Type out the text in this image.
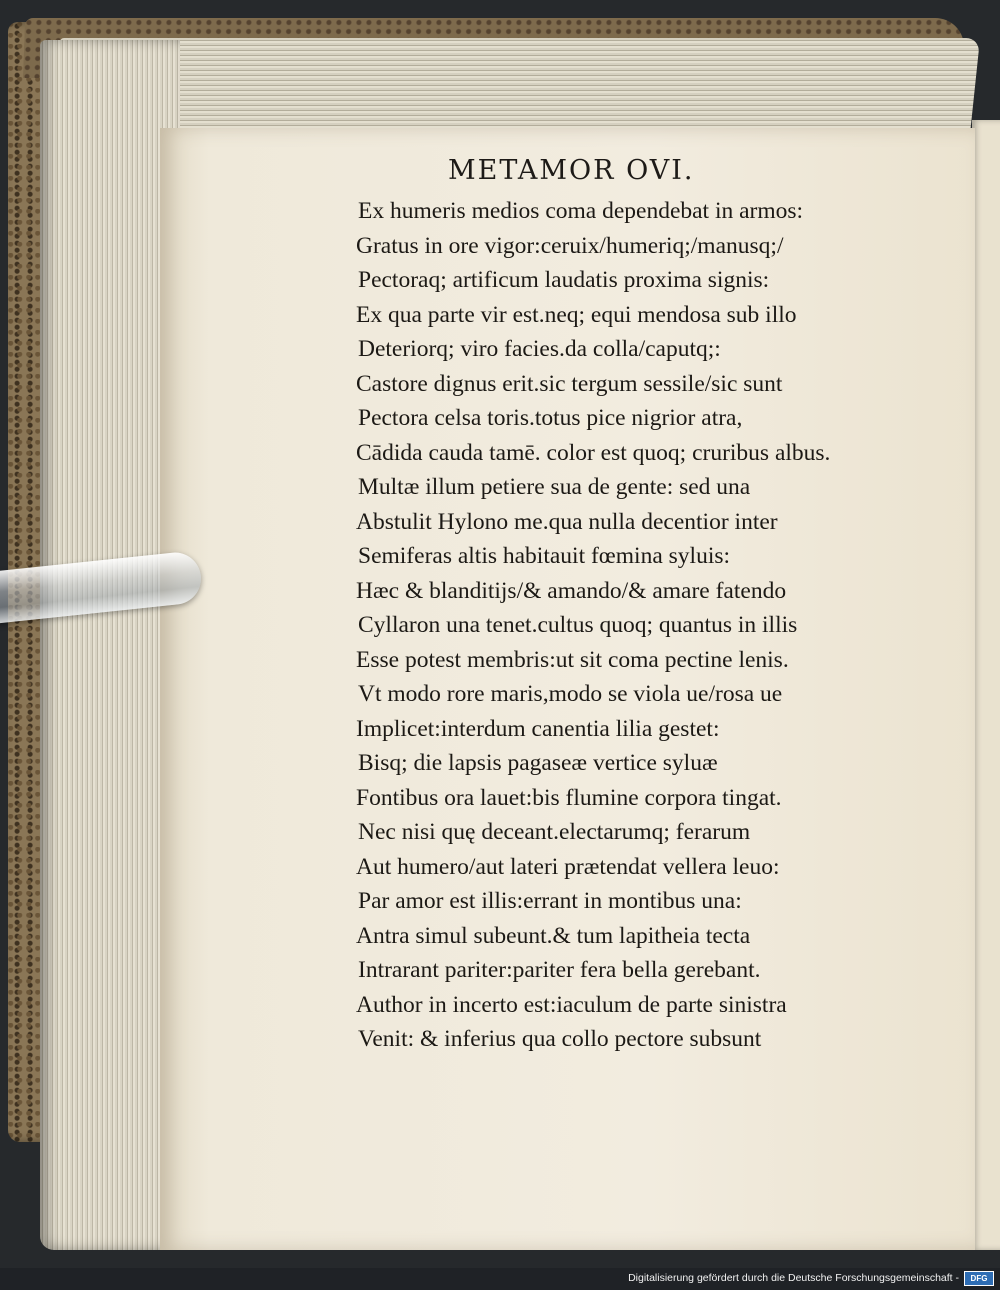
METAMOR OVI.
Ex humeris medios coma dependebat in armos:
Gratus in ore vigor:ceruix/humeriq;/manusq;/
Pectoraq; artificum laudatis proxima signis:
Ex qua parte vir est.neq; equi mendosa sub illo
Deteriorq; viro facies.da colla/caputq;:
Castore dignus erit.sic tergum sessile/sic sunt
Pectora celsa toris.totus pice nigrior atra,
Cādida cauda tamē. color est quoq; cruribus albus.
Multæ illum petiere sua de gente: sed una
Abstulit Hylono me.qua nulla decentior inter
Semiferas altis habitauit fœmina syluis:
Hæc & blanditijs/& amando/& amare fatendo
Cyllaron una tenet.cultus quoq; quantus in illis
Esse potest membris:ut sit coma pectine lenis.
Vt modo rore maris,modo se viola ue/rosa ue
Implicet:interdum canentia lilia gestet:
Bisq; die lapsis pagaseæ vertice syluæ
Fontibus ora lauet:bis flumine corpora tingat.
Nec nisi quę deceant.electarumq; ferarum
Aut humero/aut lateri prætendat vellera leuo:
Par amor est illis:errant in montibus una:
Antra simul subeunt.& tum lapitheia tecta
Intrarant pariter:pariter fera bella gerebant.
Author in incerto est:iaculum de parte sinistra
Venit: & inferius qua collo pectore subsunt
Digitalisierung gefördert durch die Deutsche Forschungsgemeinschaft -	DFG
